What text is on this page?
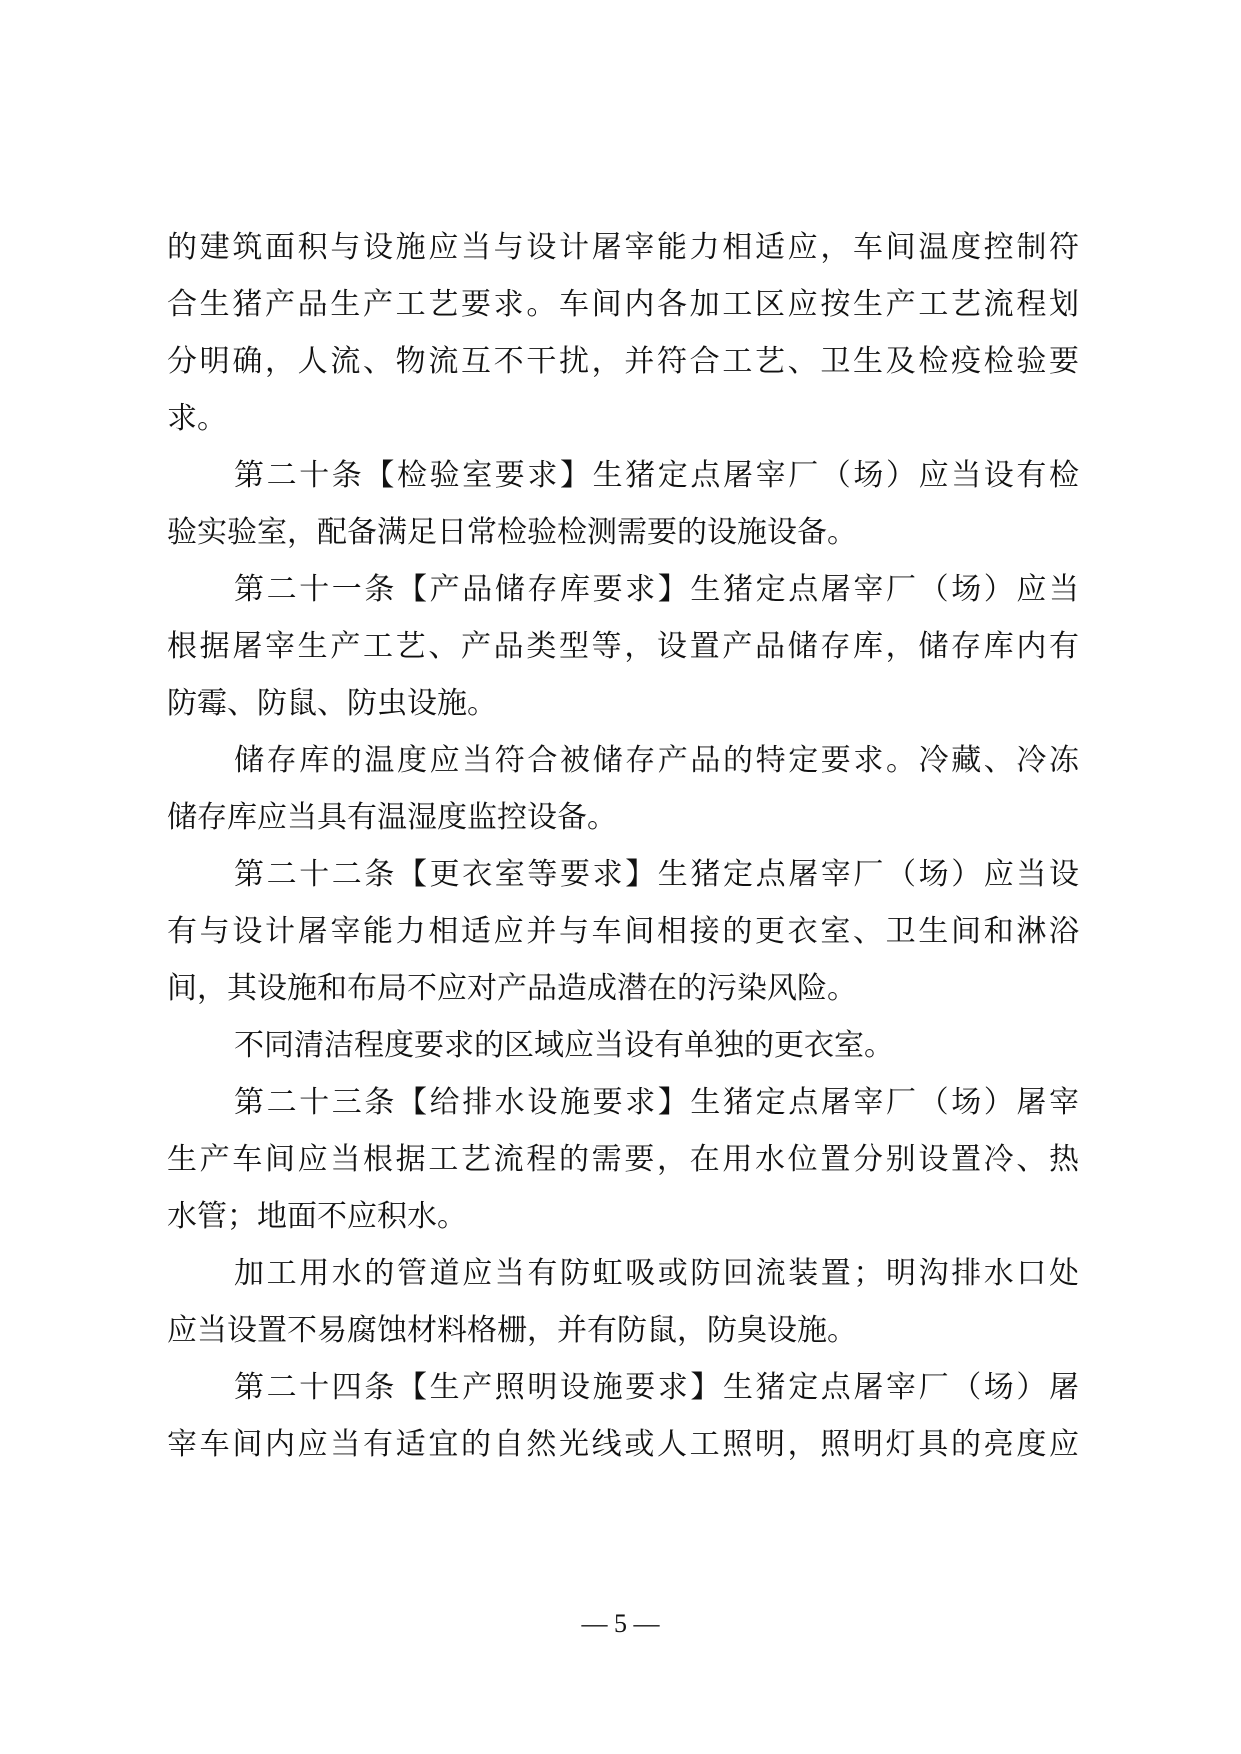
的建筑面积与设施应当与设计屠宰能力相适应，车间温度控制符
合生猪产品生产工艺要求。车间内各加工区应按生产工艺流程划
分明确，人流、物流互不干扰，并符合工艺、卫生及检疫检验要
求。
第二十条【检验室要求】生猪定点屠宰厂（场）应当设有检
验实验室，配备满足日常检验检测需要的设施设备。
第二十一条【产品储存库要求】生猪定点屠宰厂（场）应当
根据屠宰生产工艺、产品类型等，设置产品储存库，储存库内有
防霉、防鼠、防虫设施。
储存库的温度应当符合被储存产品的特定要求。冷藏、冷冻
储存库应当具有温湿度监控设备。
第二十二条【更衣室等要求】生猪定点屠宰厂（场）应当设
有与设计屠宰能力相适应并与车间相接的更衣室、卫生间和淋浴
间，其设施和布局不应对产品造成潜在的污染风险。
不同清洁程度要求的区域应当设有单独的更衣室。
第二十三条【给排水设施要求】生猪定点屠宰厂（场）屠宰
生产车间应当根据工艺流程的需要，在用水位置分别设置冷、热
水管；地面不应积水。
加工用水的管道应当有防虹吸或防回流装置；明沟排水口处
应当设置不易腐蚀材料格栅，并有防鼠，防臭设施。
第二十四条【生产照明设施要求】生猪定点屠宰厂（场）屠
宰车间内应当有适宜的自然光线或人工照明，照明灯具的亮度应
— 5 —
